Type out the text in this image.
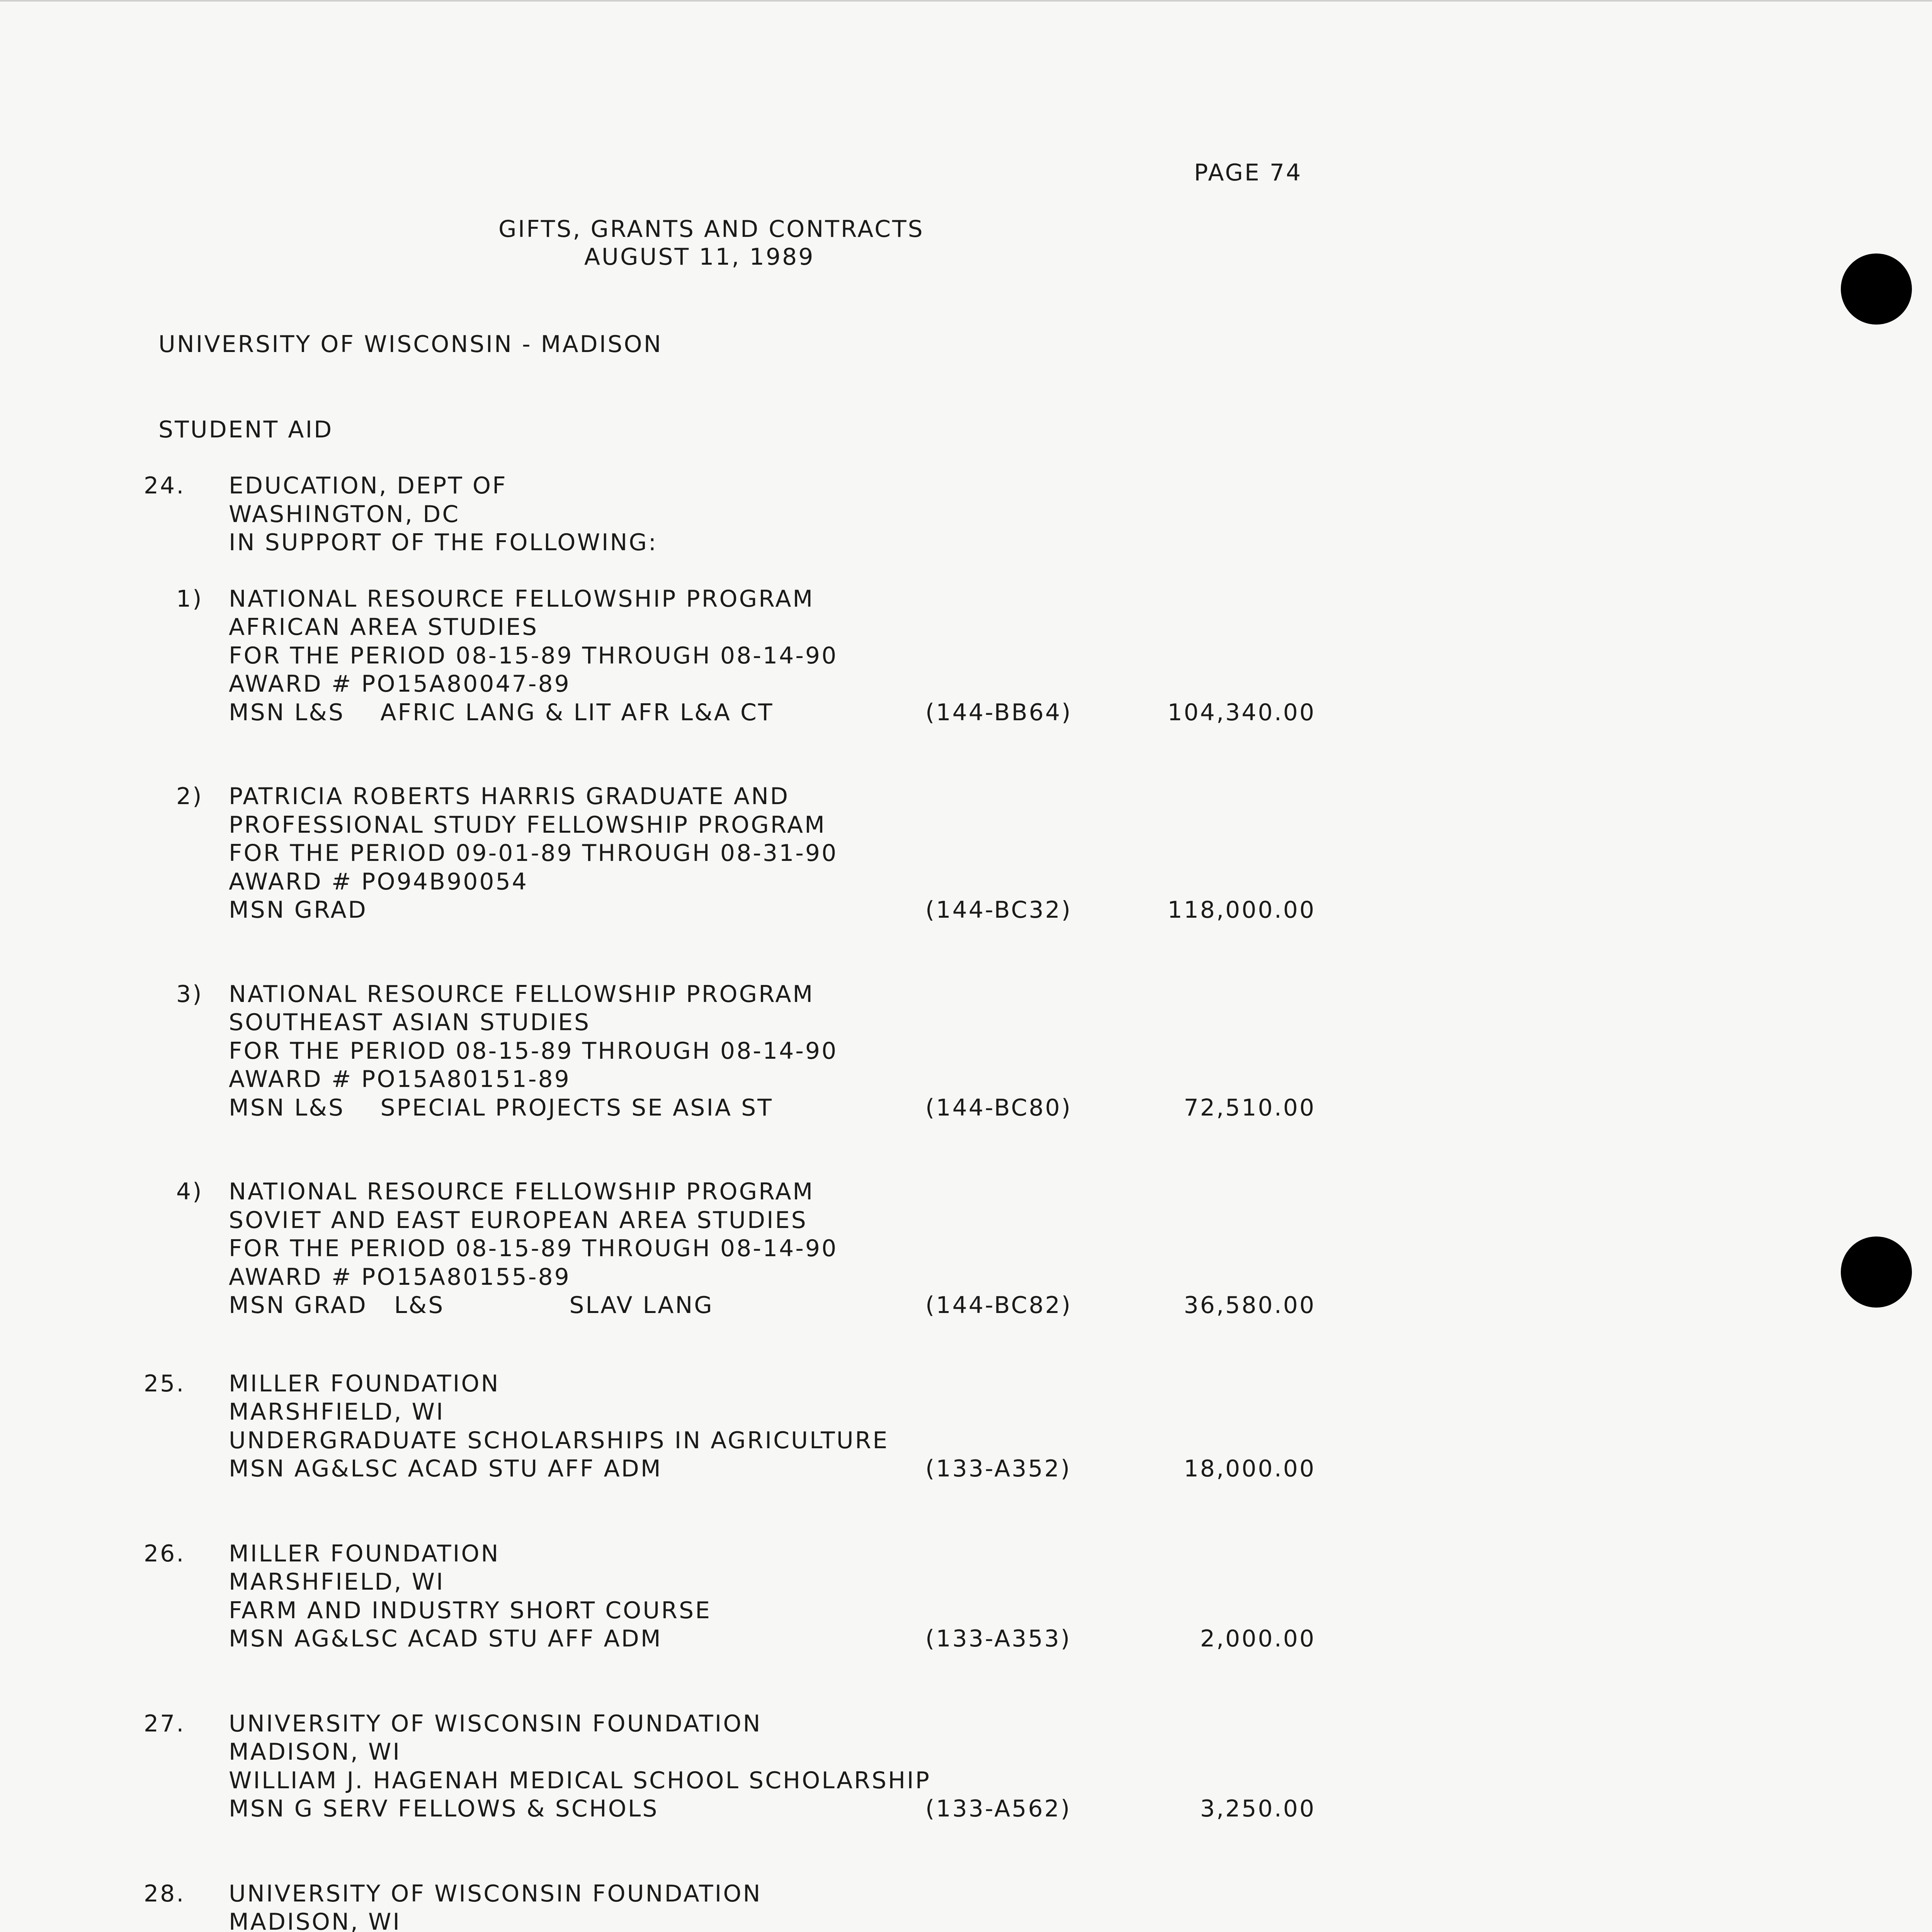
PAGE 74
GIFTS, GRANTS AND CONTRACTS
AUGUST 11, 1989
UNIVERSITY OF WISCONSIN - MADISON
STUDENT AID
24. EDUCATION, DEPT OF
WASHINGTON, DC
IN SUPPORT OF THE FOLLOWING:
1) NATIONAL RESOURCE FELLOWSHIP PROGRAM
AFRICAN AREA STUDIES
FOR THE PERIOD 08-15-89 THROUGH 08-14-90
AWARD # PO15A80047-89
MSN L&S    AFRIC LANG & LIT AFR L&A CT	(144-BB64)	104,340.00
2) PATRICIA ROBERTS HARRIS GRADUATE AND
PROFESSIONAL STUDY FELLOWSHIP PROGRAM
FOR THE PERIOD 09-01-89 THROUGH 08-31-90
AWARD # PO94B90054
MSN GRAD	(144-BC32)	118,000.00
3) NATIONAL RESOURCE FELLOWSHIP PROGRAM
SOUTHEAST ASIAN STUDIES
FOR THE PERIOD 08-15-89 THROUGH 08-14-90
AWARD # PO15A80151-89
MSN L&S    SPECIAL PROJECTS SE ASIA ST	(144-BC80)	72,510.00
4) NATIONAL RESOURCE FELLOWSHIP PROGRAM
SOVIET AND EAST EUROPEAN AREA STUDIES
FOR THE PERIOD 08-15-89 THROUGH 08-14-90
AWARD # PO15A80155-89
MSN GRAD   L&S              SLAV LANG	(144-BC82)	36,580.00
25. MILLER FOUNDATION
MARSHFIELD, WI
UNDERGRADUATE SCHOLARSHIPS IN AGRICULTURE
MSN AG&LSC ACAD STU AFF ADM	(133-A352)	18,000.00
26. MILLER FOUNDATION
MARSHFIELD, WI
FARM AND INDUSTRY SHORT COURSE
MSN AG&LSC ACAD STU AFF ADM	(133-A353)	2,000.00
27. UNIVERSITY OF WISCONSIN FOUNDATION
MADISON, WI
WILLIAM J. HAGENAH MEDICAL SCHOOL SCHOLARSHIP
MSN G SERV FELLOWS & SCHOLS	(133-A562)	3,250.00
28. UNIVERSITY OF WISCONSIN FOUNDATION
MADISON, WI
